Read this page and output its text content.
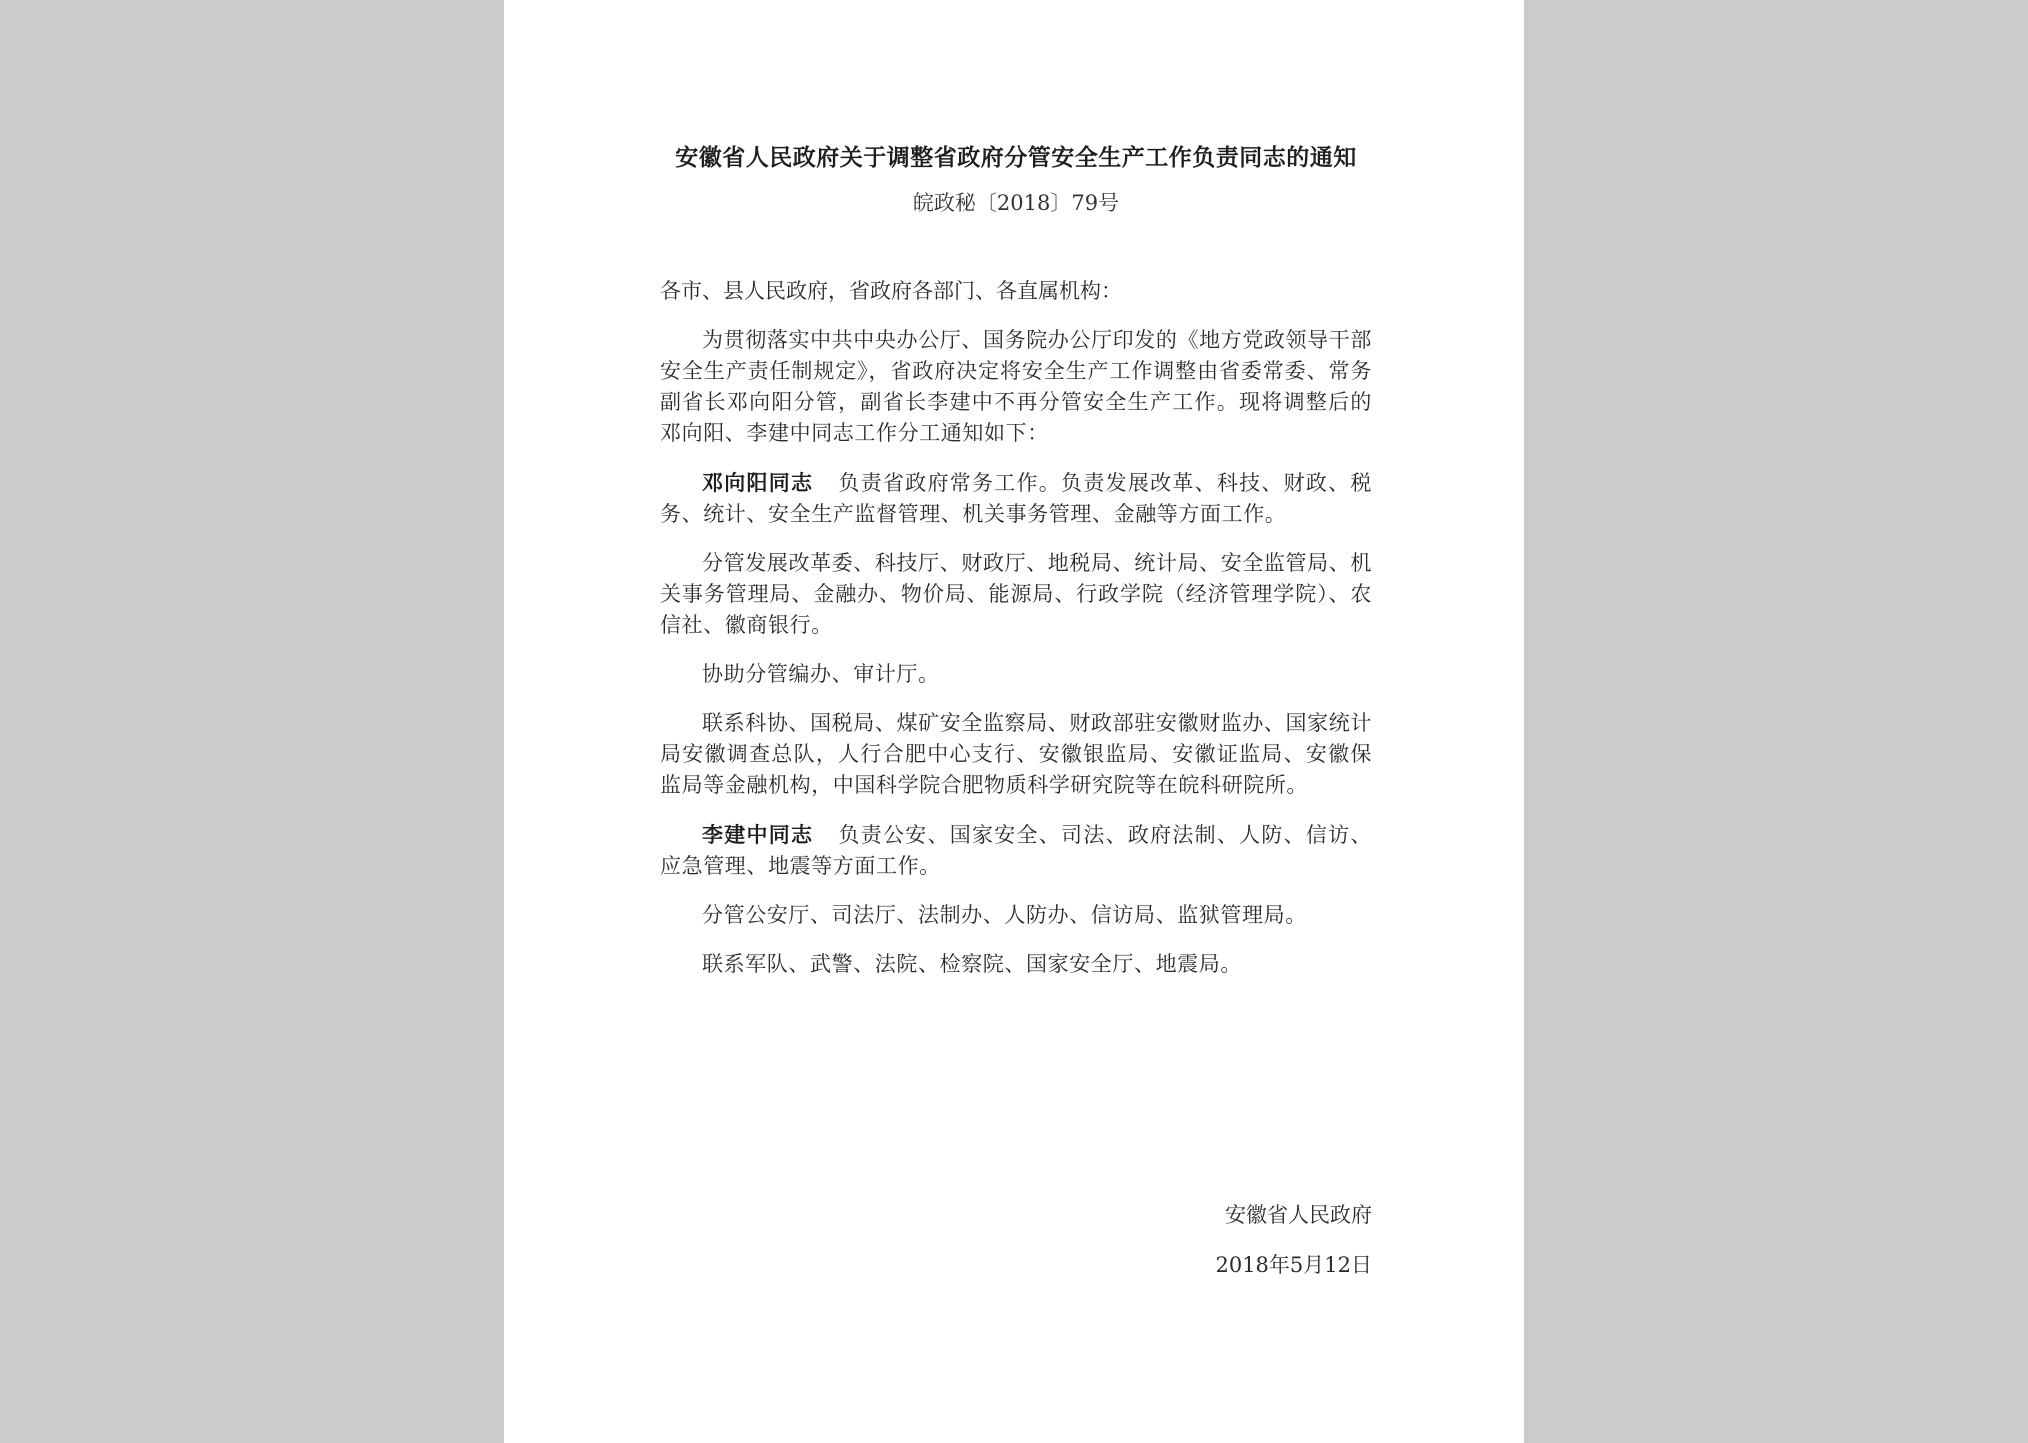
安徽省人民政府关于调整省政府分管安全生产工作负责同志的通知

皖政秘〔2018〕79号

各市、县人民政府，省政府各部门、各直属机构：

为贯彻落实中共中央办公厅、国务院办公厅印发的《地方党政领导干部安全生产责任制规定》，省政府决定将安全生产工作调整由省委常委、常务副省长邓向阳分管，副省长李建中不再分管安全生产工作。现将调整后的邓向阳、李建中同志工作分工通知如下：

邓向阳同志 负责省政府常务工作。负责发展改革、科技、财政、税务、统计、安全生产监督管理、机关事务管理、金融等方面工作。

分管发展改革委、科技厅、财政厅、地税局、统计局、安全监管局、机关事务管理局、金融办、物价局、能源局、行政学院（经济管理学院）、农信社、徽商银行。

协助分管编办、审计厅。

联系科协、国税局、煤矿安全监察局、财政部驻安徽财监办、国家统计局安徽调查总队，人行合肥中心支行、安徽银监局、安徽证监局、安徽保监局等金融机构，中国科学院合肥物质科学研究院等在皖科研院所。

李建中同志 负责公安、国家安全、司法、政府法制、人防、信访、应急管理、地震等方面工作。

分管公安厅、司法厅、法制办、人防办、信访局、监狱管理局。

联系军队、武警、法院、检察院、国家安全厅、地震局。

安徽省人民政府
2018年5月12日
